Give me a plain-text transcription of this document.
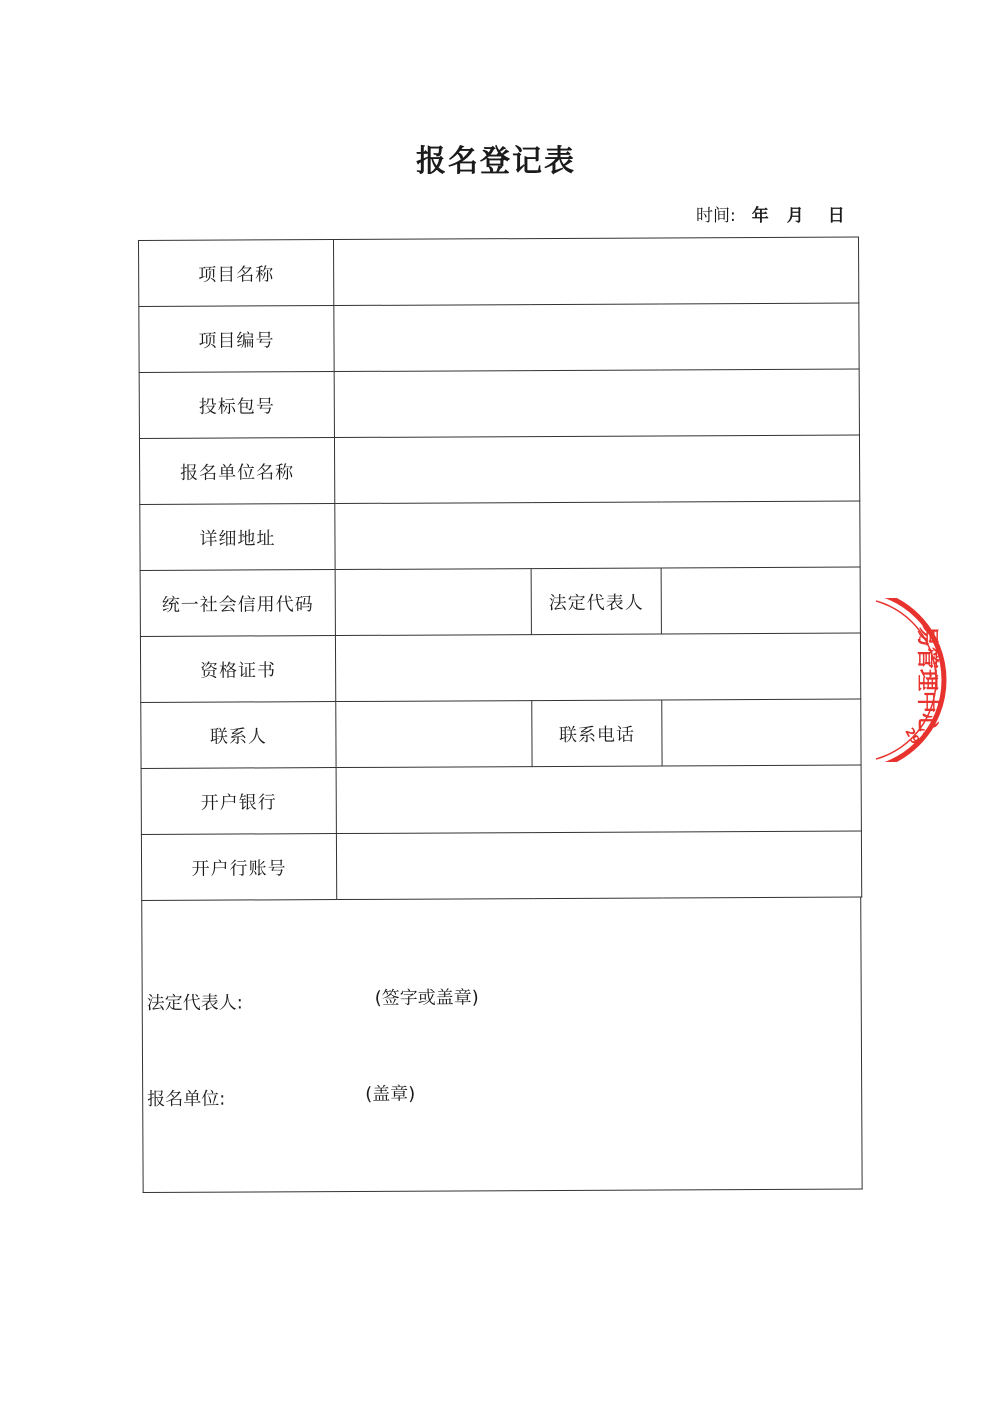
报名登记表
时间: 年 月 日
项目名称			
项目编号			
投标包号			
报名单位名称			
详细地址			
统一社会信用代码		法定代表人	
资格证书			
联系人		联系电话	
开户银行			
开户行账号			
法定代表人:	(签字或盖章)
报名单位:	(盖章)
易管理中心
29
